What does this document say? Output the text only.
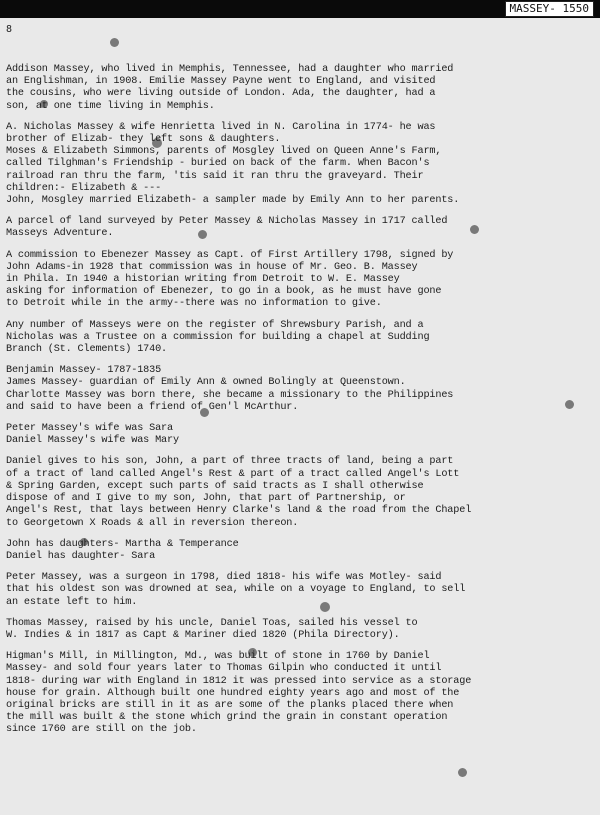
MASSEY- 1550
8
Addison Massey, who lived in Memphis, Tennessee, had a daughter who married
an Englishman, in 1908. Emilie Massey Payne went to England, and visited
the cousins, who were living outside of London. Ada, the daughter, had a
son, at one time living in Memphis.
A. Nicholas Massey & wife Henrietta lived in N. Carolina in 1774- he was
brother of Elizab- they left sons & daughters.
Moses & Elizabeth Simmons, parents of Mosgley lived on Queen Anne's Farm,
called Tilghman's Friendship - buried on back of the farm. When Bacon's
railroad ran thru the farm, 'tis said it ran thru the graveyard. Their
children:- Elizabeth & ---
John, Mosgley married Elizabeth- a sampler made by Emily Ann to her parents.
A parcel of land surveyed by Peter Massey & Nicholas Massey in 1717 called
Masseys Adventure.
A commission to Ebenezer Massey as Capt. of First Artillery 1798, signed by
John Adams-in 1928 that commission was in house of Mr. Geo. B. Massey
in Phila. In 1940 a historian writing from Detroit to W. E. Massey
asking for information of Ebenezer, to go in a book, as he must have gone
to Detroit while in the army--there was no information to give.
Any number of Masseys were on the register of Shrewsbury Parish, and a
Nicholas was a Trustee on a commission for building a chapel at Sudding
Branch (St. Clements) 1740.
Benjamin Massey- 1787-1835
James Massey- guardian of Emily Ann & owned Bolingly at Queenstown.
Charlotte Massey was born there, she became a missionary to the Philippines
and said to have been a friend of Gen'l McArthur.
Peter Massey's wife was Sara
Daniel Massey's wife was Mary
Daniel gives to his son, John, a part of three tracts of land, being a part
of a tract of land called Angel's Rest & part of a tract called Angel's Lott
& Spring Garden, except such parts of said tracts as I shall otherwise
dispose of and I give to my son, John, that part of Partnership, or
Angel's Rest, that lays between Henry Clarke's land & the road from the Chapel
to Georgetown X Roads & all in reversion thereon.
John has daughters- Martha & Temperance
Daniel has daughter- Sara
Peter Massey, was a surgeon in 1798, died 1818- his wife was Motley- said
that his oldest son was drowned at sea, while on a voyage to England, to sell
an estate left to him.
Thomas Massey, raised by his uncle, Daniel Toas, sailed his vessel to
W. Indies & in 1817 as Capt & Mariner died 1820 (Phila Directory).
Higman's Mill, in Millington, Md., was built of stone in 1760 by Daniel
Massey- and sold four years later to Thomas Gilpin who conducted it until
1818- during war with England in 1812 it was pressed into service as a storage
house for grain. Although built one hundred eighty years ago and most of the
original bricks are still in it as are some of the planks placed there when
the mill was built & the stone which grind the grain in constant operation
since 1760 are still on the job.
